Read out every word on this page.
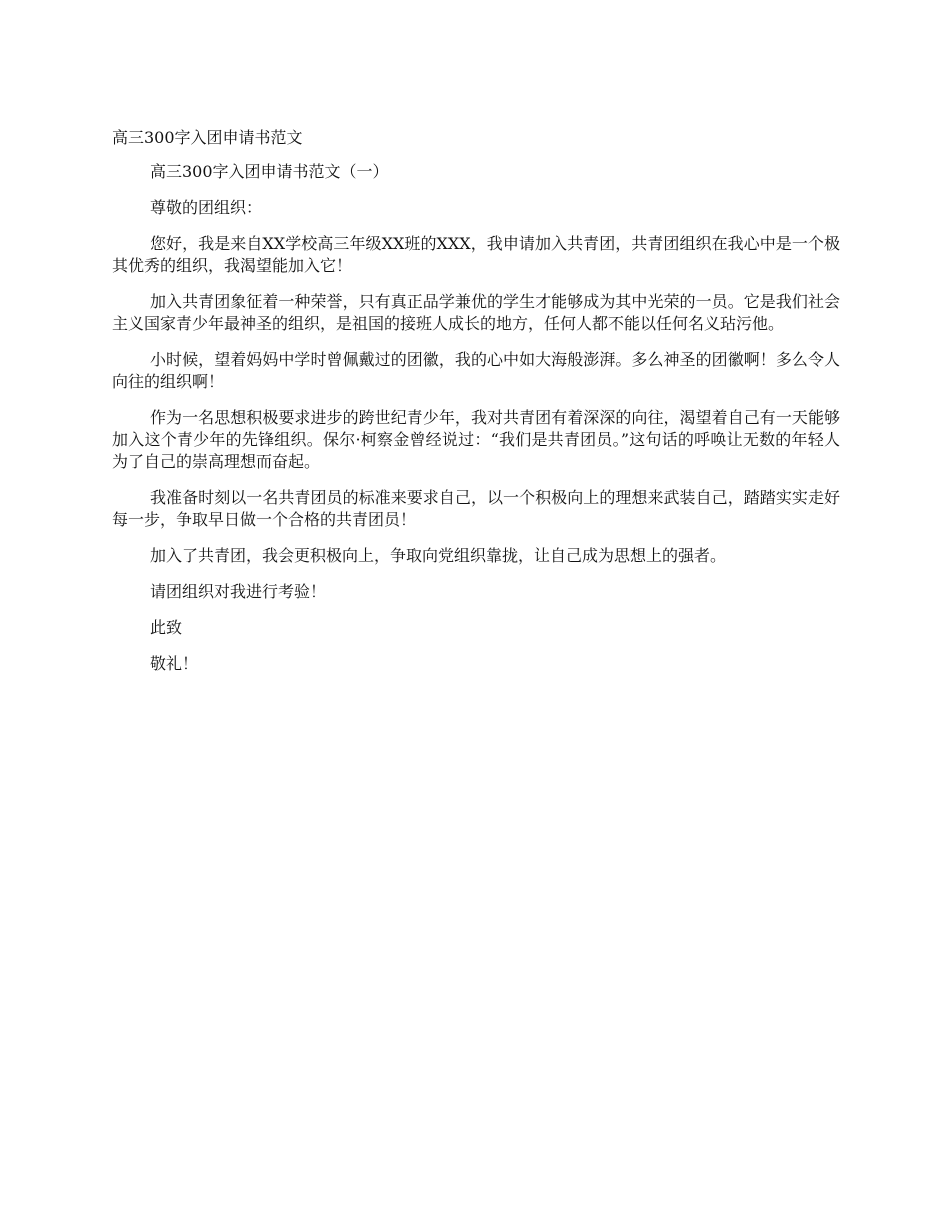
高三300字入团申请书范文

高三300字入团申请书范文（一）

尊敬的团组织：

您好，我是来自XX学校高三年级XX班的XXX，我申请加入共青团，共青团组织在我心中是一个极其优秀的组织，我渴望能加入它！

加入共青团象征着一种荣誉，只有真正品学兼优的学生才能够成为其中光荣的一员。它是我们社会主义国家青少年最神圣的组织，是祖国的接班人成长的地方，任何人都不能以任何名义玷污他。

小时候，望着妈妈中学时曾佩戴过的团徽，我的心中如大海般澎湃。多么神圣的团徽啊！多么令人向往的组织啊！

作为一名思想积极要求进步的跨世纪青少年，我对共青团有着深深的向往，渴望着自己有一天能够加入这个青少年的先锋组织。保尔·柯察金曾经说过：“我们是共青团员。”这句话的呼唤让无数的年轻人为了自己的崇高理想而奋起。

我准备时刻以一名共青团员的标准来要求自己，以一个积极向上的理想来武装自己，踏踏实实走好每一步，争取早日做一个合格的共青团员！

加入了共青团，我会更积极向上，争取向党组织靠拢，让自己成为思想上的强者。

请团组织对我进行考验！

此致

敬礼！
